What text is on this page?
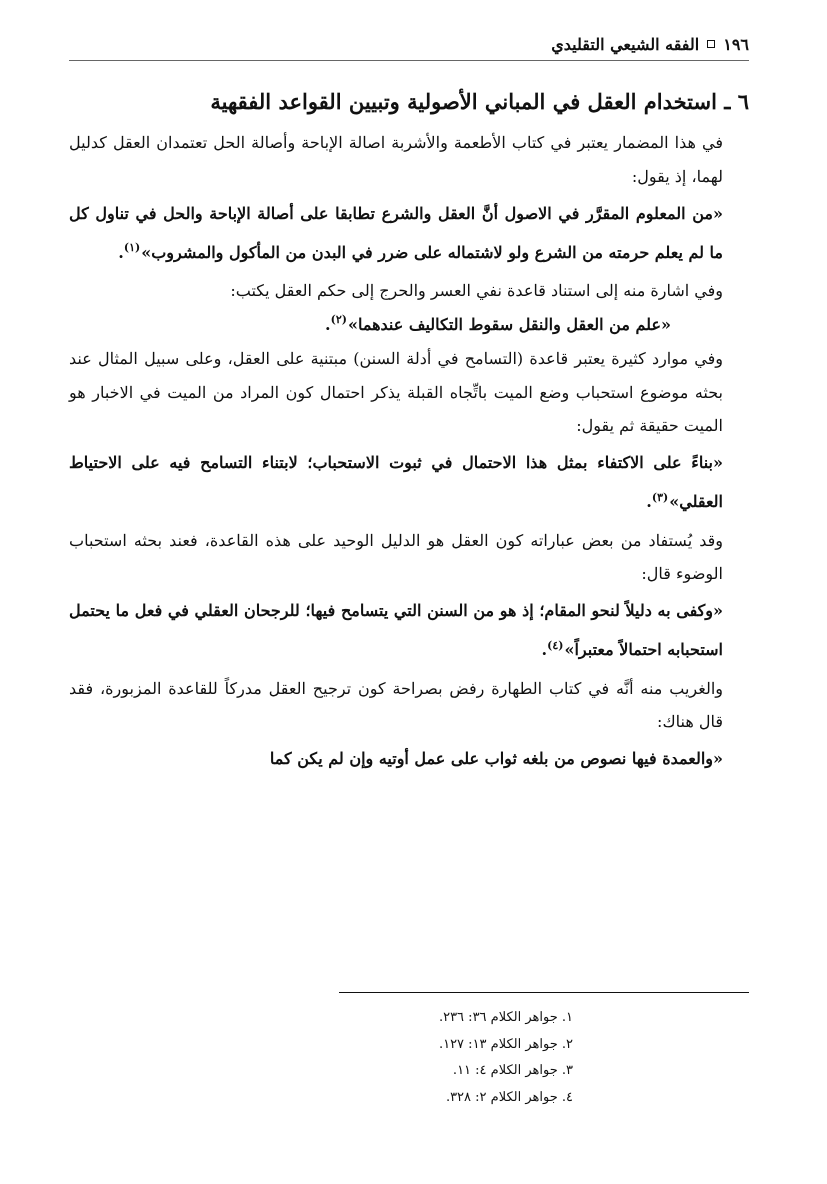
١٩٦
الفقه الشيعي التقليدي
٦ ـ استخدام العقل في المباني الأصولية وتبيين القواعد الفقهية

في هذا المضمار يعتبر في كتاب الأطعمة والأشربة اصالة الإباحة وأصالة الحل تعتمدان العقل كدليل لهما، إذ يقول:

«من المعلوم المقرَّر في الاصول أنَّ العقل والشرع تطابقا على أصالة الإباحة والحل في تناول كل ما لم يعلم حرمته من الشرع ولو لاشتماله على ضرر في البدن من المأكول والمشروب»$^{(١)}$.

وفي اشارة منه إلى استناد قاعدة نفي العسر والحرج إلى حكم العقل يكتب:

«علم من العقل والنقل سقوط التكاليف عندهما»$^{(٢)}$.

وفي موارد كثيرة يعتبر قاعدة (التسامح في أدلة السنن) مبتنية على العقل، وعلى سبيل المثال عند بحثه موضوع استحباب وضع الميت باتِّجاه القبلة يذكر احتمال كون المراد من الميت في الاخبار هو الميت حقيقة ثم يقول:

«بناءً على الاكتفاء بمثل هذا الاحتمال في ثبوت الاستحباب؛ لابتناء التسامح فيه على الاحتياط العقلي»$^{(٣)}$.

وقد يُستفاد من بعض عباراته كون العقل هو الدليل الوحيد على هذه القاعدة، فعند بحثه استحباب الوضوء قال:

«وكفى به دليلاً لنحو المقام؛ إذ هو من السنن التي يتسامح فيها؛ للرجحان العقلي في فعل ما يحتمل استحبابه احتمالاً معتبراً»$^{(٤)}$.

والغريب منه أنَّه في كتاب الطهارة رفض بصراحة كون ترجيح العقل مدركاً للقاعدة المزبورة، فقد قال هناك:

«والعمدة فيها نصوص من بلغه ثواب على عمل أوتيه وإن لم يكن كما

١. جواهر الكلام ٣٦: ٢٣٦.
٢. جواهر الكلام ١٣: ١٢٧.
٣. جواهر الكلام ٤: ١١.
٤. جواهر الكلام ٢: ٣٢٨.
